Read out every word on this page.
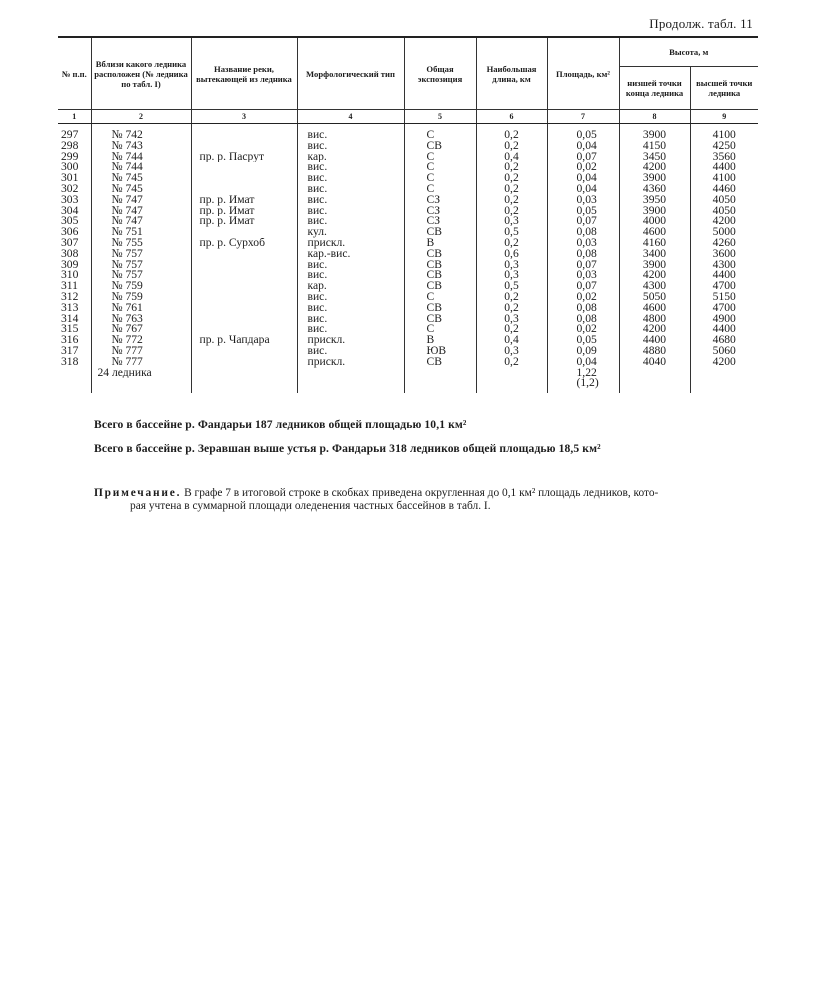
Продолж. табл. 11
№ п.п.	Вблизи какого ледника расположен (№ ледника по табл. I)	Название реки, вытекающей из ледника	Морфологический тип	Общая экспозиция	Наибольшая длина, км	Площадь, км²	Высота, м	
							низшей точки конца ледника	высшей точки ледника
1	2	3	4	5	6	7	8	9
297	№ 742		вис.	С	0,2	0,05	3900	4100
298	№ 743		вис.	СВ	0,2	0,04	4150	4250
299	№ 744	пр. р. Пасрут	кар.	С	0,4	0,07	3450	3560
300	№ 744		вис.	С	0,2	0,02	4200	4400
301	№ 745		вис.	С	0,2	0,04	3900	4100
302	№ 745		вис.	С	0,2	0,04	4360	4460
303	№ 747	пр. р. Имат	вис.	СЗ	0,2	0,03	3950	4050
304	№ 747	пр. р. Имат	вис.	СЗ	0,2	0,05	3900	4050
305	№ 747	пр. р. Имат	вис.	СЗ	0,3	0,07	4000	4200
306	№ 751		кул.	СВ	0,5	0,08	4600	5000
307	№ 755	пр. р. Сурхоб	прискл.	В	0,2	0,03	4160	4260
308	№ 757		кар.-вис.	СВ	0,6	0,08	3400	3600
309	№ 757		вис.	СВ	0,3	0,07	3900	4300
310	№ 757		вис.	СВ	0,3	0,03	4200	4400
311	№ 759		кар.	СВ	0,5	0,07	4300	4700
312	№ 759		вис.	С	0,2	0,02	5050	5150
313	№ 761		вис.	СВ	0,2	0,08	4600	4700
314	№ 763		вис.	СВ	0,3	0,08	4800	4900
315	№ 767		вис.	С	0,2	0,02	4200	4400
316	№ 772	пр. р. Чапдара	прискл.	В	0,4	0,05	4400	4680
317	№ 777		вис.	ЮВ	0,3	0,09	4880	5060
318	№ 777		прискл.	СВ	0,2	0,04	4040	4200
	24 ледника					1,22		
						(1,2)		
Всего в бассейне р. Фандарьи 187 ледников общей площадью 10,1 км²
Всего в бассейне р. Зеравшан выше устья р. Фандарьи 318 ледников общей площадью 18,5 км²
Примечание. В графе 7 в итоговой строке в скобках приведена округленная до 0,1 км² площадь ледников, кото-
рая учтена в суммарной площади оледенения частных бассейнов в табл. I.
